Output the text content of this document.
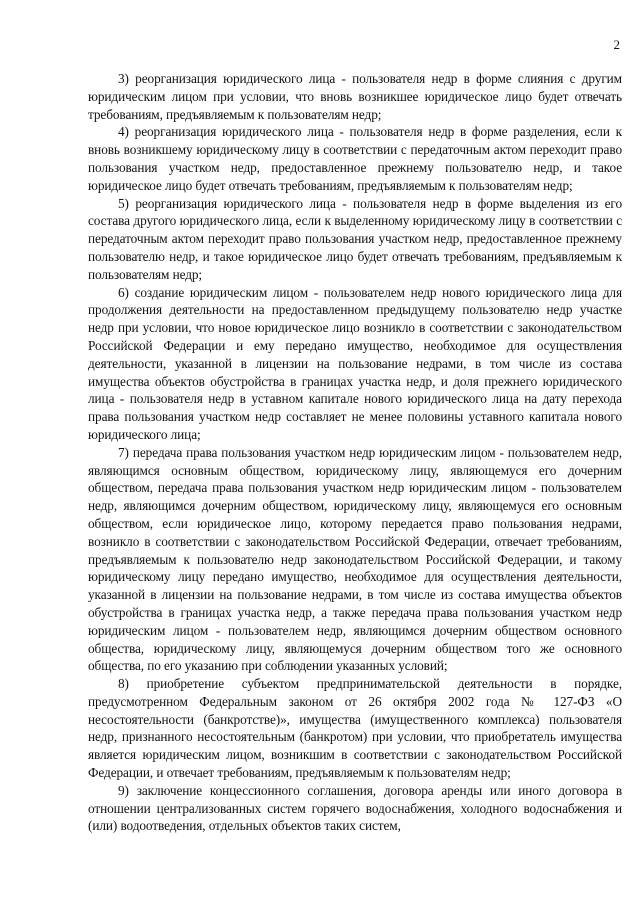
2

3) реорганизация юридического лица - пользователя недр в форме слияния с другим юридическим лицом при условии, что вновь возникшее юридическое лицо будет отвечать требованиям, предъявляемым к пользователям недр;

4) реорганизация юридического лица - пользователя недр в форме разделения, если к вновь возникшему юридическому лицу в соответствии с передаточным актом переходит право пользования участком недр, предоставленное прежнему пользователю недр, и такое юридическое лицо будет отвечать требованиям, предъявляемым к пользователям недр;

5) реорганизация юридического лица - пользователя недр в форме выделения из его состава другого юридического лица, если к выделенному юридическому лицу в соответствии с передаточным актом переходит право пользования участком недр, предоставленное прежнему пользователю недр, и такое юридическое лицо будет отвечать требованиям, предъявляемым к пользователям недр;

6) создание юридическим лицом - пользователем недр нового юридического лица для продолжения деятельности на предоставленном предыдущему пользователю недр участке недр при условии, что новое юридическое лицо возникло в соответствии с законодательством Российской Федерации и ему передано имущество, необходимое для осуществления деятельности, указанной в лицензии на пользование недрами, в том числе из состава имущества объектов обустройства в границах участка недр, и доля прежнего юридического лица - пользователя недр в уставном капитале нового юридического лица на дату перехода права пользования участком недр составляет не менее половины уставного капитала нового юридического лица;

7) передача права пользования участком недр юридическим лицом - пользователем недр, являющимся основным обществом, юридическому лицу, являющемуся его дочерним обществом, передача права пользования участком недр юридическим лицом - пользователем недр, являющимся дочерним обществом, юридическому лицу, являющемуся его основным обществом, если юридическое лицо, которому передается право пользования недрами, возникло в соответствии с законодательством Российской Федерации, отвечает требованиям, предъявляемым к пользователю недр законодательством Российской Федерации, и такому юридическому лицу передано имущество, необходимое для осуществления деятельности, указанной в лицензии на пользование недрами, в том числе из состава имущества объектов обустройства в границах участка недр, а также передача права пользования участком недр юридическим лицом - пользователем недр, являющимся дочерним обществом основного общества, юридическому лицу, являющемуся дочерним обществом того же основного общества, по его указанию при соблюдении указанных условий;

8) приобретение субъектом предпринимательской деятельности в порядке, предусмотренном Федеральным законом от 26 октября 2002 года № 127-ФЗ «О несостоятельности (банкротстве)», имущества (имущественного комплекса) пользователя недр, признанного несостоятельным (банкротом) при условии, что приобретатель имущества является юридическим лицом, возникшим в соответствии с законодательством Российской Федерации, и отвечает требованиям, предъявляемым к пользователям недр;

9) заключение концессионного соглашения, договора аренды или иного договора в отношении централизованных систем горячего водоснабжения, холодного водоснабжения и (или) водоотведения, отдельных объектов таких систем,
